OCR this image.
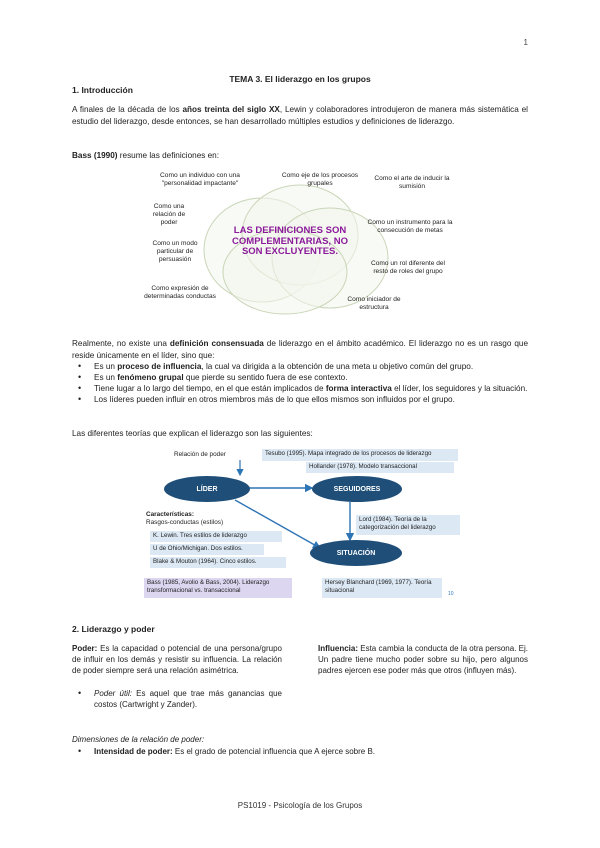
1
TEMA 3. El liderazgo en los grupos
1. Introducción
A finales de la década de los años treinta del siglo XX, Lewin y colaboradores introdujeron de manera más sistemática el estudio del liderazgo, desde entonces, se han desarrollado múltiples estudios y definiciones de liderazgo.
Bass (1990) resume las definiciones en:
LAS DEFINICIONES SON COMPLEMENTARIAS, NO SON EXCLUYENTES.
Como un individuo con una "personalidad impactante"
Como eje de los procesos grupales
Como el arte de inducir la sumisión
Como una relación de poder	Como un instrumento para la consecución de metas
Como un modo particular de persuasión
Como un rol diferente del resto de roles del grupo
Como expresión de determinadas conductas	Como iniciador de estructura
Realmente, no existe una definición consensuada de liderazgo en el ámbito académico. El liderazgo no es un rasgo que reside únicamente en el líder, sino que:
• Es un proceso de influencia, la cual va dirigida a la obtención de una meta u objetivo común del grupo.
• Es un fenómeno grupal que pierde su sentido fuera de ese contexto.
• Tiene lugar a lo largo del tiempo, en el que están implicados de forma interactiva el líder, los seguidores y la situación.
• Los líderes pueden influir en otros miembros más de lo que ellos mismos son influidos por el grupo.
Las diferentes teorías que explican el liderazgo son las siguientes:
Relación de poder	Tesubo (1995). Mapa integrado de los procesos de liderazgo
Hollander (1978). Modelo transaccional
LÍDER	SEGUIDORES
Características:
Rasgos-conductas (estilos)	Lord (1984). Teoría de la categorización del liderazgo
K. Lewin. Tres estilos de liderazgo
U de Ohio/Michigan. Dos estilos.
SITUACIÓN
Blake & Mouton (1964). Cinco estilos.
Bass (1985, Avolio & Bass, 2004). Liderazgo transformacional vs. transaccional
Hersey Blanchard (1969, 1977). Teoría situacional
10
2. Liderazgo y poder
Poder: Es la capacidad o potencial de una persona/grupo de influir en los demás y resistir su influencia. La relación de poder siempre será una relación asimétrica.
• Poder útil: Es aquel que trae más ganancias que costos (Cartwright y Zander).
Influencia: Esta cambia la conducta de la otra persona. Ej. Un padre tiene mucho poder sobre su hijo, pero algunos padres ejercen ese poder más que otros (influyen más).
Dimensiones de la relación de poder:
• Intensidad de poder: Es el grado de potencial influencia que A ejerce sobre B.
PS1019 - Psicología de los Grupos
